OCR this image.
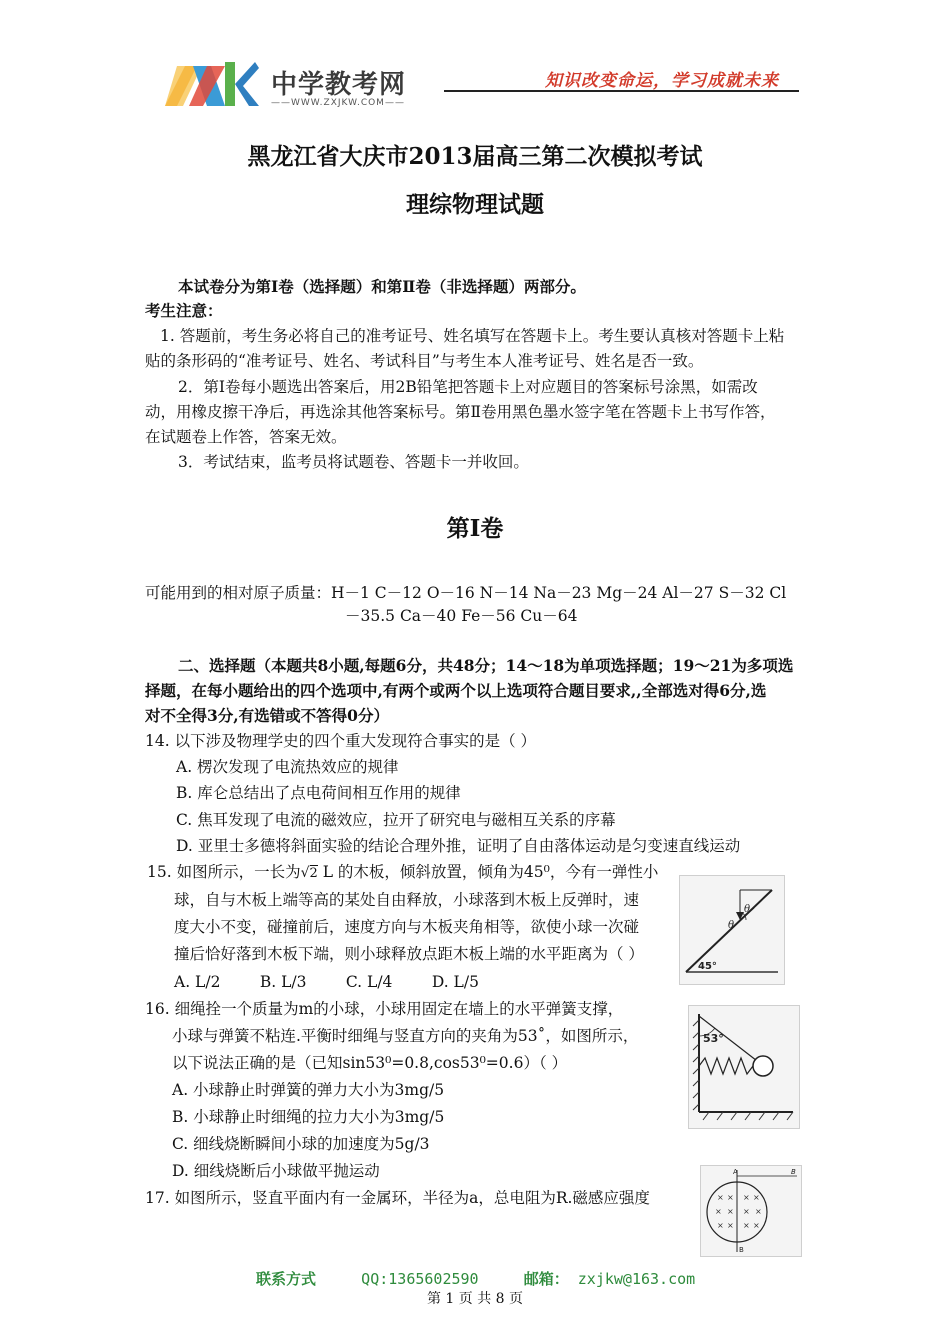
中学教考网
——WWW.ZXJKW.COM——
知识改变命运，学习成就未来
黑龙江省大庆市2013届高三第二次模拟考试
理综物理试题
本试卷分为第Ⅰ卷（选择题）和第Ⅱ卷（非选择题）两部分。
考生注意：
1. 答题前，考生务必将自己的准考证号、姓名填写在答题卡上。考生要认真核对答题卡上粘
贴的条形码的“准考证号、姓名、考试科目”与考生本人准考证号、姓名是否一致。
2．第Ⅰ卷每小题选出答案后，用2B铅笔把答题卡上对应题目的答案标号涂黑，如需改
动，用橡皮擦干净后，再选涂其他答案标号。第Ⅱ卷用黑色墨水签字笔在答题卡上书写作答，
在试题卷上作答，答案无效。
3．考试结束，监考员将试题卷、答题卡一并收回。
第Ⅰ卷
可能用到的相对原子质量：H－1 C－12 O－16 N－14 Na－23 Mg－24 Al－27 S－32 Cl
－35.5 Ca－40 Fe－56 Cu－64
二、选择题（本题共8小题,每题6分，共48分；14～18为单项选择题；19～21为多项选
择题，在每小题给出的四个选项中,有两个或两个以上选项符合题目要求,,全部选对得6分,选
对不全得3分,有选错或不答得0分）
14. 以下涉及物理学史的四个重大发现符合事实的是（ ）
A. 楞次发现了电流热效应的规律
B. 库仑总结出了点电荷间相互作用的规律
C. 焦耳发现了电流的磁效应，拉开了研究电与磁相互关系的序幕
D. 亚里士多德将斜面实验的结论合理外推，证明了自由落体运动是匀变速直线运动
15. 如图所示，一长为√2 L 的木板，倾斜放置，倾角为45⁰，今有一弹性小
球，自与木板上端等高的某处自由释放，小球落到木板上反弹时，速
度大小不变，碰撞前后，速度方向与木板夹角相等，欲使小球一次碰
撞后恰好落到木板下端，则小球释放点距木板上端的水平距离为（ ）
A. L/2        B. L/3        C. L/4        D. L/5
θ
θ
45°
16. 细绳拴一个质量为m的小球，小球用固定在墙上的水平弹簧支撑，
小球与弹簧不粘连.平衡时细绳与竖直方向的夹角为53˚，如图所示，
以下说法正确的是（已知sin53⁰=0.8,cos53⁰=0.6）（ ）
A. 小球静止时弹簧的弹力大小为3mg/5
B. 小球静止时细绳的拉力大小为3mg/5
C. 细线烧断瞬间小球的加速度为5g/3
D. 细线烧断后小球做平抛运动
53°
17. 如图所示，竖直平面内有一金属环，半径为a，总电阻为R.磁感应强度
A	B
B
× × × ×
× × × ×
× × × ×
联系方式	QQ:1365602590	邮箱： zxjkw@163.com
第 1 页 共 8 页
